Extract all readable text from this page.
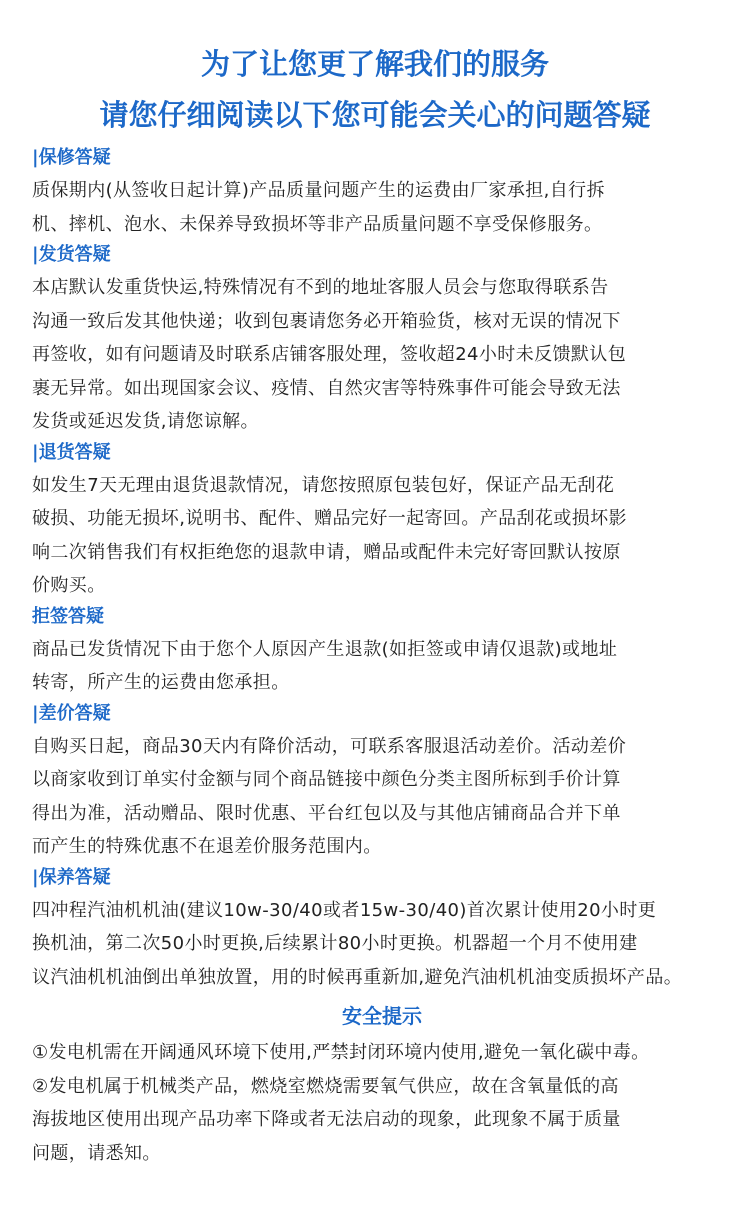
为了让您更了解我们的服务
请您仔细阅读以下您可能会关心的问题答疑
|保修答疑

质保期内(从签收日起计算)产品质量问题产生的运费由厂家承担,自行拆

机、摔机、泡水、未保养导致损坏等非产品质量问题不享受保修服务。

|发货答疑

本店默认发重货快运,特殊情况有不到的地址客服人员会与您取得联系告

沟通一致后发其他快递；收到包裹请您务必开箱验货，核对无误的情况下

再签收，如有问题请及时联系店铺客服处理，签收超24小时未反馈默认包

裹无异常。如出现国家会议、疫情、自然灾害等特殊事件可能会导致无法

发货或延迟发货,请您谅解。

|退货答疑

如发生7天无理由退货退款情况，请您按照原包装包好，保证产品无刮花

破损、功能无损坏,说明书、配件、赠品完好一起寄回。产品刮花或损坏影

响二次销售我们有权拒绝您的退款申请，赠品或配件未完好寄回默认按原

价购买。

拒签答疑

商品已发货情况下由于您个人原因产生退款(如拒签或申请仅退款)或地址

转寄，所产生的运费由您承担。

|差价答疑

自购买日起，商品30天内有降价活动，可联系客服退活动差价。活动差价

以商家收到订单实付金额与同个商品链接中颜色分类主图所标到手价计算

得出为准，活动赠品、限时优惠、平台红包以及与其他店铺商品合并下单

而产生的特殊优惠不在退差价服务范围内。

|保养答疑

四冲程汽油机机油(建议10w-30/40或者15w-30/40)首次累计使用20小时更

换机油，第二次50小时更换,后续累计80小时更换。机器超一个月不使用建

议汽油机机油倒出单独放置，用的时候再重新加,避免汽油机机油变质损坏产品。

安全提示

①发电机需在开阔通风环境下使用,严禁封闭环境内使用,避免一氧化碳中毒。

②发电机属于机械类产品，燃烧室燃烧需要氧气供应，故在含氧量低的高

海拔地区使用出现产品功率下降或者无法启动的现象，此现象不属于质量

问题，请悉知。
